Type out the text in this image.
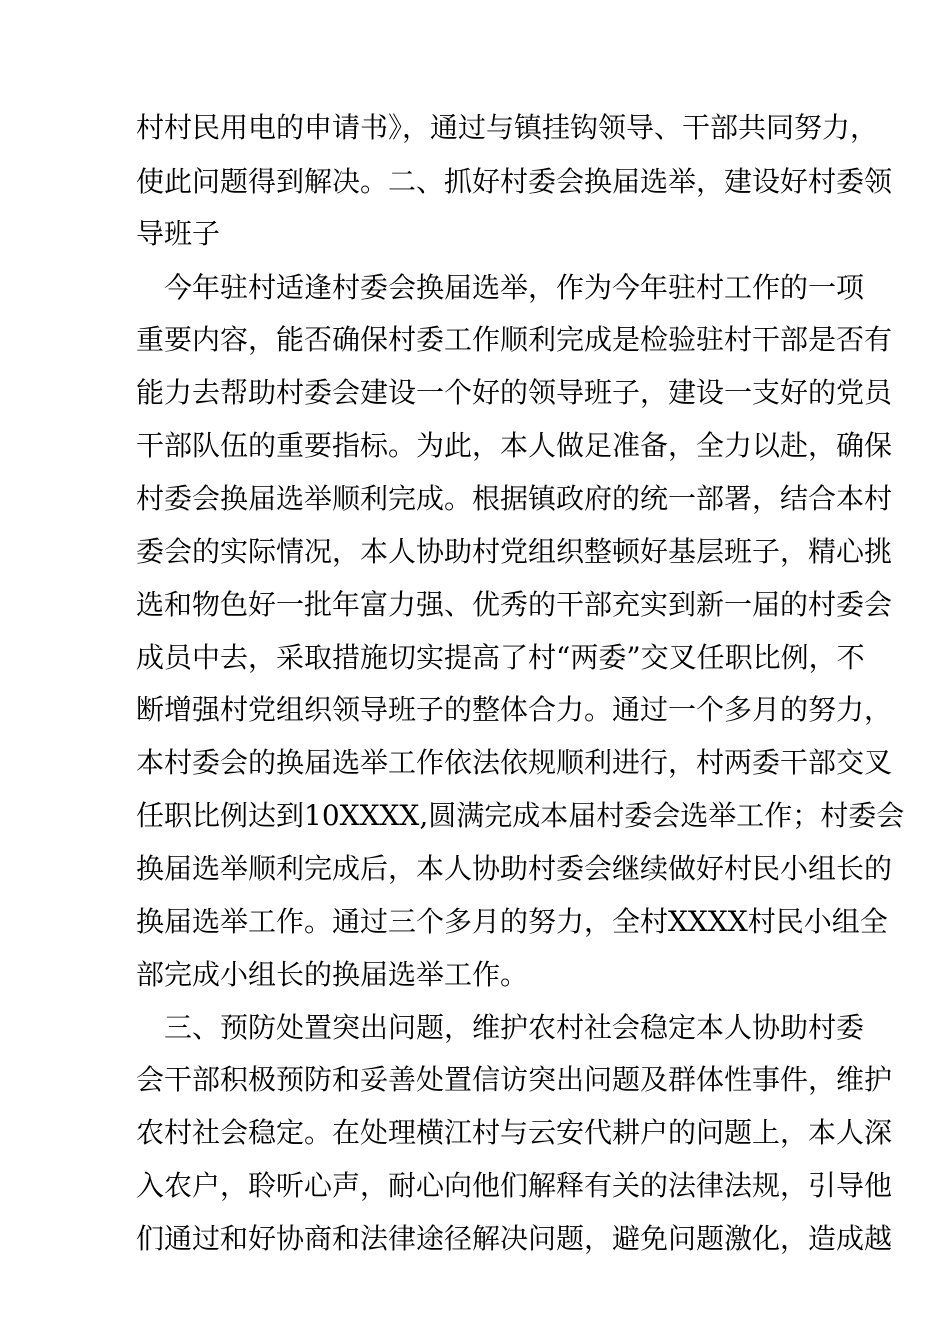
村村民用电的申请书》，通过与镇挂钩领导、干部共同努力，
使此问题得到解决。二、抓好村委会换届选举，建设好村委领
导班子
今年驻村适逢村委会换届选举，作为今年驻村工作的一项
重要内容，能否确保村委工作顺利完成是检验驻村干部是否有
能力去帮助村委会建设一个好的领导班子，建设一支好的党员
干部队伍的重要指标。为此，本人做足准备，全力以赴，确保
村委会换届选举顺利完成。根据镇政府的统一部署，结合本村
委会的实际情况，本人协助村党组织整顿好基层班子，精心挑
选和物色好一批年富力强、优秀的干部充实到新一届的村委会
成员中去，采取措施切实提高了村“两委”交叉任职比例，不
断增强村党组织领导班子的整体合力。通过一个多月的努力，
本村委会的换届选举工作依法依规顺利进行，村两委干部交叉
任职比例达到10XXXX,圆满完成本届村委会选举工作；村委会
换届选举顺利完成后，本人协助村委会继续做好村民小组长的
换届选举工作。通过三个多月的努力，全村XXXX村民小组全
部完成小组长的换届选举工作。
三、预防处置突出问题，维护农村社会稳定本人协助村委
会干部积极预防和妥善处置信访突出问题及群体性事件，维护
农村社会稳定。在处理横江村与云安代耕户的问题上，本人深
入农户，聆听心声，耐心向他们解释有关的法律法规，引导他
们通过和好协商和法律途径解决问题，避免问题激化，造成越
